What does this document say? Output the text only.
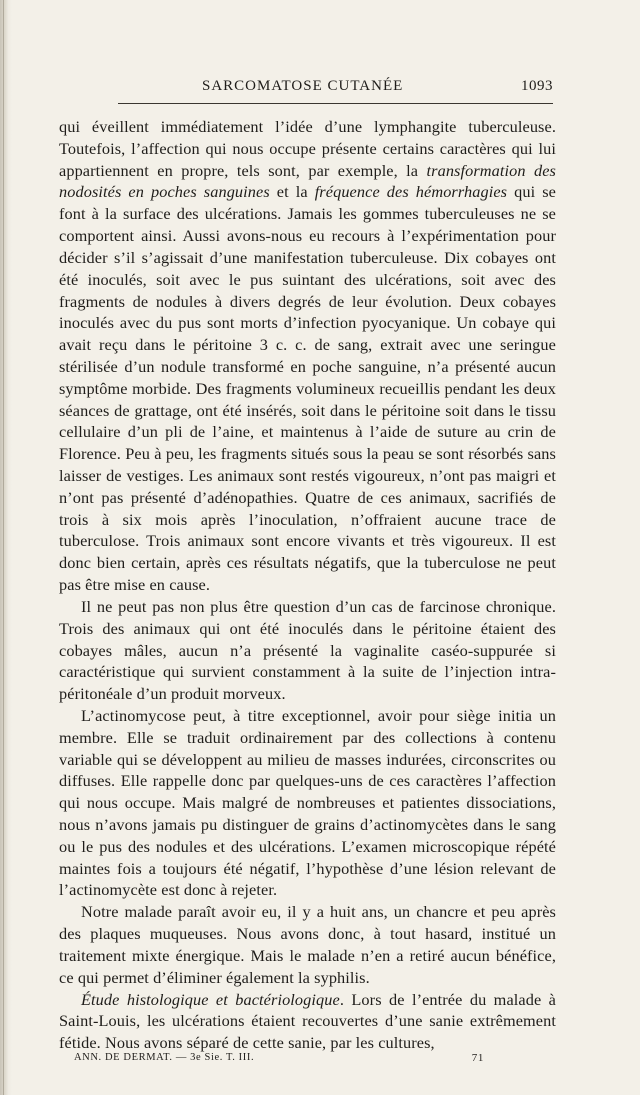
SARCOMATOSE CUTANÉE	1093

qui éveillent immédiatement l’idée d’une lymphangite tuberculeuse. Toutefois, l’affection qui nous occupe présente certains caractères qui lui appartiennent en propre, tels sont, par exemple, la transformation des nodosités en poches sanguines et la fréquence des hémorrhagies qui se font à la surface des ulcérations. Jamais les gommes tuberculeuses ne se comportent ainsi. Aussi avons-nous eu recours à l’expérimentation pour décider s’il s’agissait d’une manifestation tuberculeuse. Dix cobayes ont été inoculés, soit avec le pus suintant des ulcérations, soit avec des fragments de nodules à divers degrés de leur évolution. Deux cobayes inoculés avec du pus sont morts d’infection pyocyanique. Un cobaye qui avait reçu dans le péritoine 3 c. c. de sang, extrait avec une seringue stérilisée d’un nodule transformé en poche sanguine, n’a présenté aucun symptôme morbide. Des fragments volumineux recueillis pendant les deux séances de grattage, ont été insérés, soit dans le péritoine soit dans le tissu cellulaire d’un pli de l’aine, et maintenus à l’aide de suture au crin de Florence. Peu à peu, les fragments situés sous la peau se sont résorbés sans laisser de vestiges. Les animaux sont restés vigoureux, n’ont pas maigri et n’ont pas présenté d’adénopathies. Quatre de ces animaux, sacrifiés de trois à six mois après l’inoculation, n’offraient aucune trace de tuberculose. Trois animaux sont encore vivants et très vigoureux. Il est donc bien certain, après ces résultats négatifs, que la tuberculose ne peut pas être mise en cause.

Il ne peut pas non plus être question d’un cas de farcinose chronique. Trois des animaux qui ont été inoculés dans le péritoine étaient des cobayes mâles, aucun n’a présenté la vaginalite caséo-suppurée si caractéristique qui survient constamment à la suite de l’injection intra-péritonéale d’un produit morveux.

L’actinomycose peut, à titre exceptionnel, avoir pour siège initia un membre. Elle se traduit ordinairement par des collections à contenu variable qui se développent au milieu de masses indurées, circonscrites ou diffuses. Elle rappelle donc par quelques-uns de ces caractères l’affection qui nous occupe. Mais malgré de nombreuses et patientes dissociations, nous n’avons jamais pu distinguer de grains d’actinomycètes dans le sang ou le pus des nodules et des ulcérations. L’examen microscopique répété maintes fois a toujours été négatif, l’hypothèse d’une lésion relevant de l’actinomycète est donc à rejeter.

Notre malade paraît avoir eu, il y a huit ans, un chancre et peu après des plaques muqueuses. Nous avons donc, à tout hasard, institué un traitement mixte énergique. Mais le malade n’en a retiré aucun bénéfice, ce qui permet d’éliminer également la syphilis.

Étude histologique et bactériologique. Lors de l’entrée du malade à Saint-Louis, les ulcérations étaient recouvertes d’une sanie extrêmement fétide. Nous avons séparé de cette sanie, par les cultures,

ANN. DE DERMAT. — 3e Sie. T. III.	71
